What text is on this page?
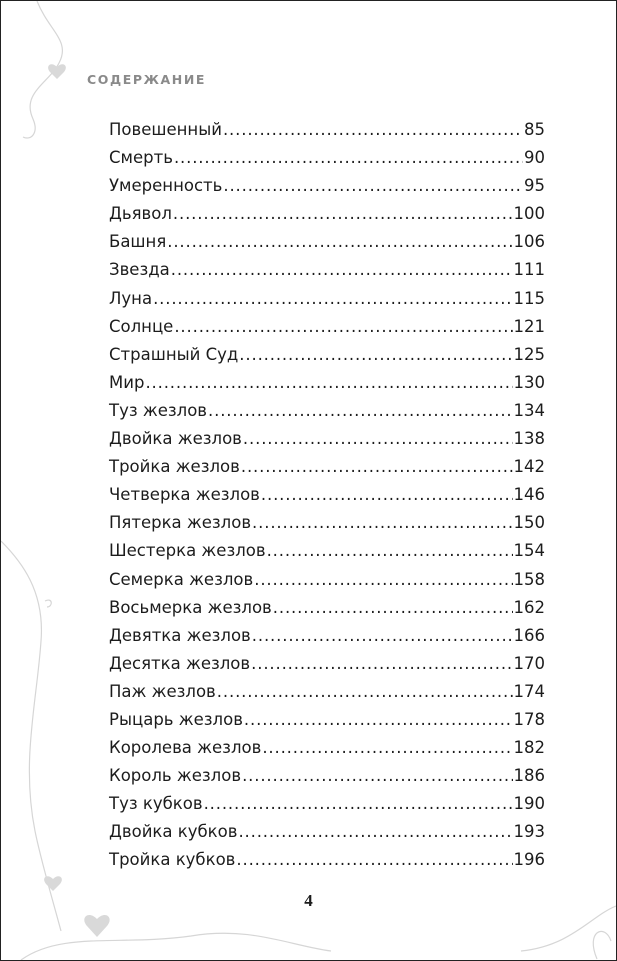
СОДЕРЖАНИЕ
Повешенный . . .	85
Смерть . . .	90
Умеренность . . .	95
Дьявол . . .	100
Башня . . .	106
Звезда . . .	111
Луна . . .	115
Солнце . . .	121
Страшный Суд . . .	125
Мир . . .	130
Туз жезлов . . .	134
Двойка жезлов . . .	138
Тройка жезлов . . .	142
Четверка жезлов . . .	146
Пятерка жезлов . . .	150
Шестерка жезлов . . .	154
Семерка жезлов . . .	158
Восьмерка жезлов . . .	162
Девятка жезлов . . .	166
Десятка жезлов . . .	170
Паж жезлов . . .	174
Рыцарь жезлов . . .	178
Королева жезлов . . .	182
Король жезлов . . .	186
Туз кубков . . .	190
Двойка кубков . . .	193
Тройка кубков . . .	196
4
